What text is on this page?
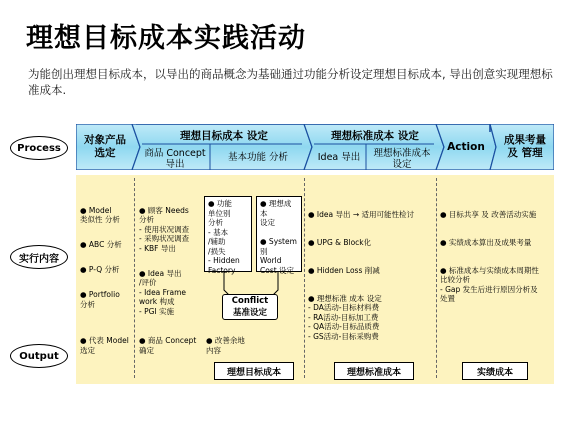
理想目标成本实践活动
为能创出理想目标成本，以导出的商品概念为基础通过功能分析设定理想目标成本, 导出创意实现理想标准成本.
Process
实行内容
Output
对象产品
选定
理想目标成本 设定
商品 Concept
导出
基本功能 分析
理想标准成本 设定
Idea 导出	理想标准成本
设定
Action
成果考量
及 管理

● Model
类似性 分析

● ABC 分析

● P-Q 分析

● Portfolio
分析

● 代表 Model
选定

● 顾客 Needs
分析
- 使用状况调查
- 采购状况调查
- KBF 导出

● Idea 导出
/评价
- Idea Frame
work 构成
- PGI 实施

● 商品 Concept
确定
● 功能
单位别
分析
- 基本
/辅助
/损失
- Hidden
Factory
● 理想成本
设定

● System别
World
Cost 设定
Conflict
基准设定
● 改善余地
内容

● Idea 导出 → 适用可能性检讨

● UPG & Block化

● Hidden Loss 削减

● 理想标准 成本 设定
- DA活动-目标材料费
- RA活动-目标加工费
- QA活动-目标品质费
- GS活动-目标采购费

● 目标共享 及 改善活动实施

● 实绩成本算出及成果考量

● 标准成本与实绩成本周期性
比较分析
- Gap 发生后进行原因分析及
处置

理想目标成本	理想标准成本	实绩成本
